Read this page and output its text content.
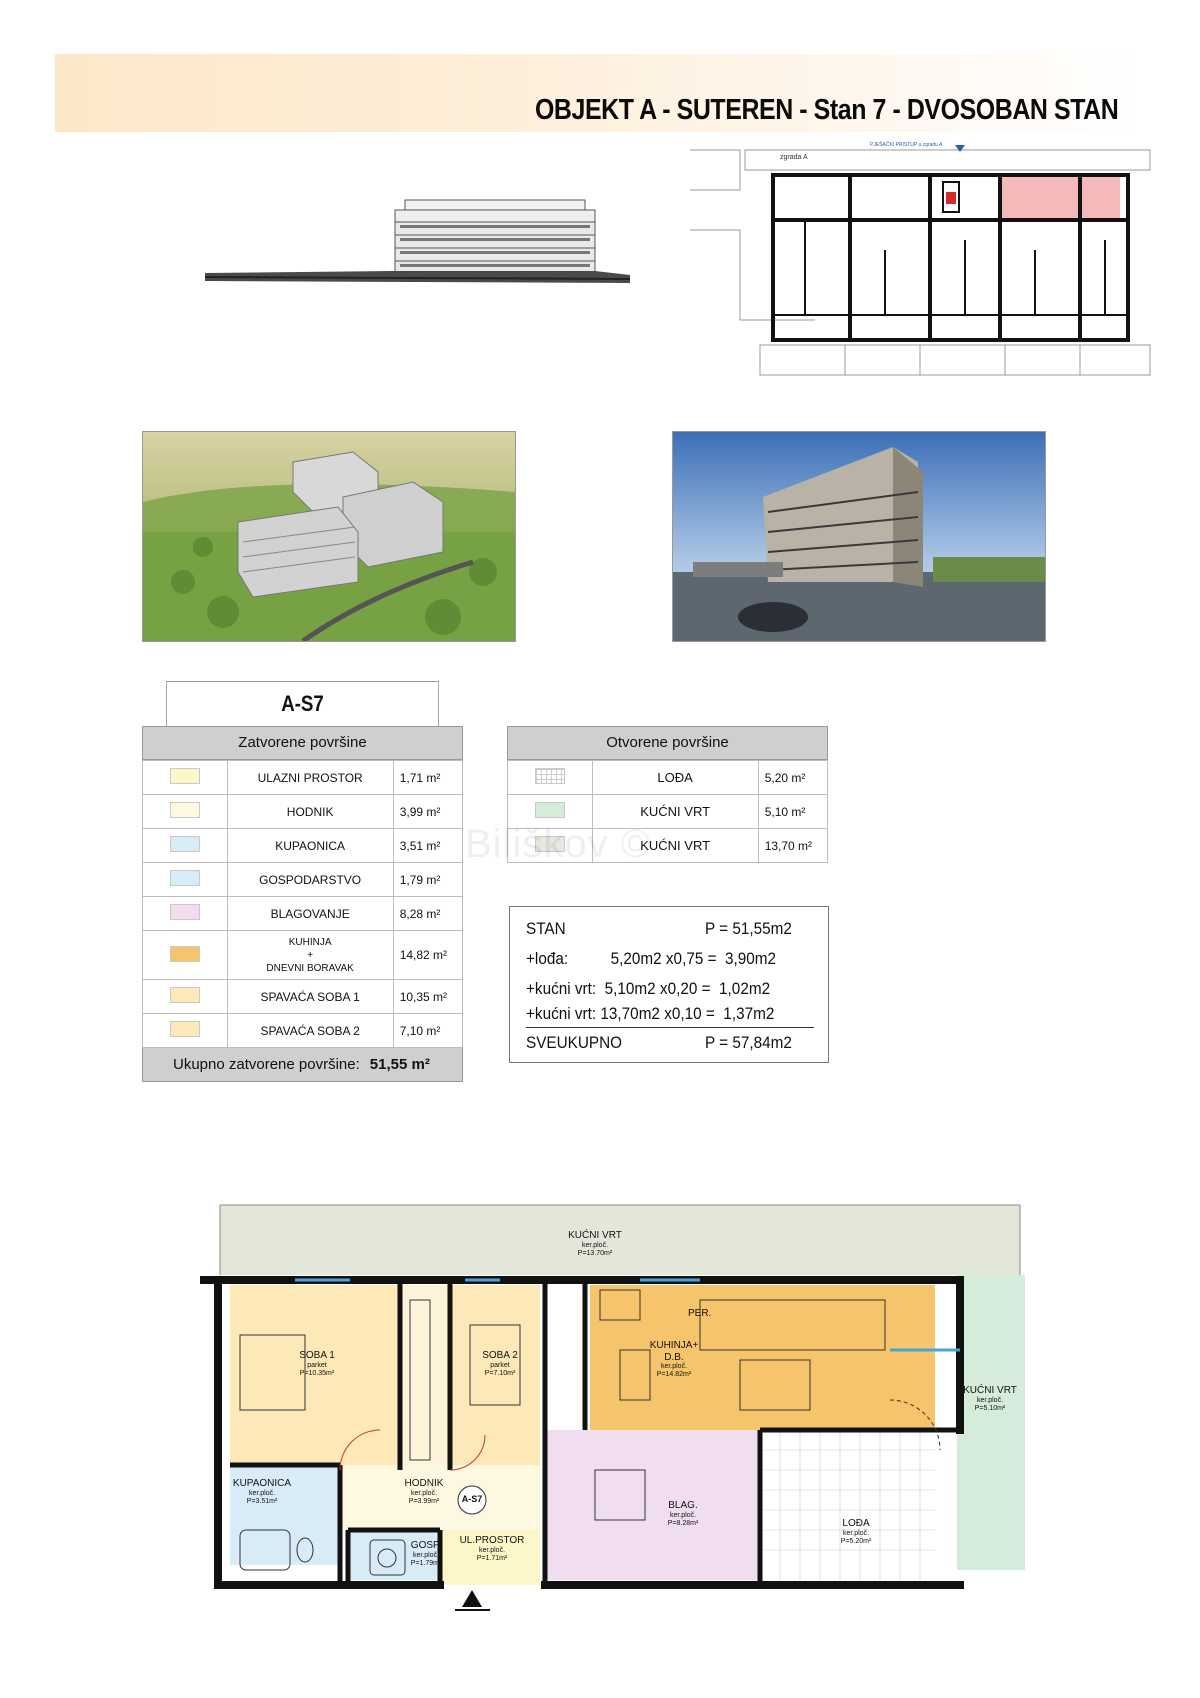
OBJEKT A - SUTEREN - Stan 7 - DVOSOBAN STAN
zgrada A
PJEŠAČKI PRISTUP u zgradu A
A-S7
Zatvorene površine
	ULAZNI PROSTOR	1,71 m²
	HODNIK	3,99 m²
	KUPAONICA	3,51 m²
	GOSPODARSTVO	1,79 m²
	BLAGOVANJE	8,28 m²

	KUHINJA
+
DNEVNI BORAVAK	14,82 m²
	SPAVAĆA SOBA 1	10,35 m²
	SPAVAĆA SOBA 2	7,10 m²
Ukupno zatvorene površine: 51,55 m²
Otvorene površine
	LOĐA	5,20 m²
	KUĆNI VRT	5,10 m²
	KUĆNI VRT	13,70 m²
Biliškov ©
STAN	P = 51,55m2
+lođa:          5,20m2 x0,75 =  3,90m2
+kućni vrt:  5,10m2 x0,20 =  1,02m2
+kućni vrt: 13,70m2 x0,10 =  1,37m2
SVEUKUPNO	P = 57,84m2
KUĆNI VRT
ker.ploč.
P=13.70m²
KUĆNI VRT
ker.ploč.
P=5.10m²
SOBA 1
parket
P=10.35m²
SOBA 2
parket
P=7.10m²
KUHINJA+
D.B.
ker.ploč.
P=14.82m²
KUPAONICA
ker.ploč.
P=3.51m²
HODNIK
ker.ploč.
P=3.99m²
GOSP.
ker.ploč.
P=1.79m²
UL.PROSTOR
ker.ploč.
P=1.71m²
BLAG.
ker.ploč.
P=8.28m²	LOĐA
ker.ploč.
P=5.20m²
PER.
A-S7
